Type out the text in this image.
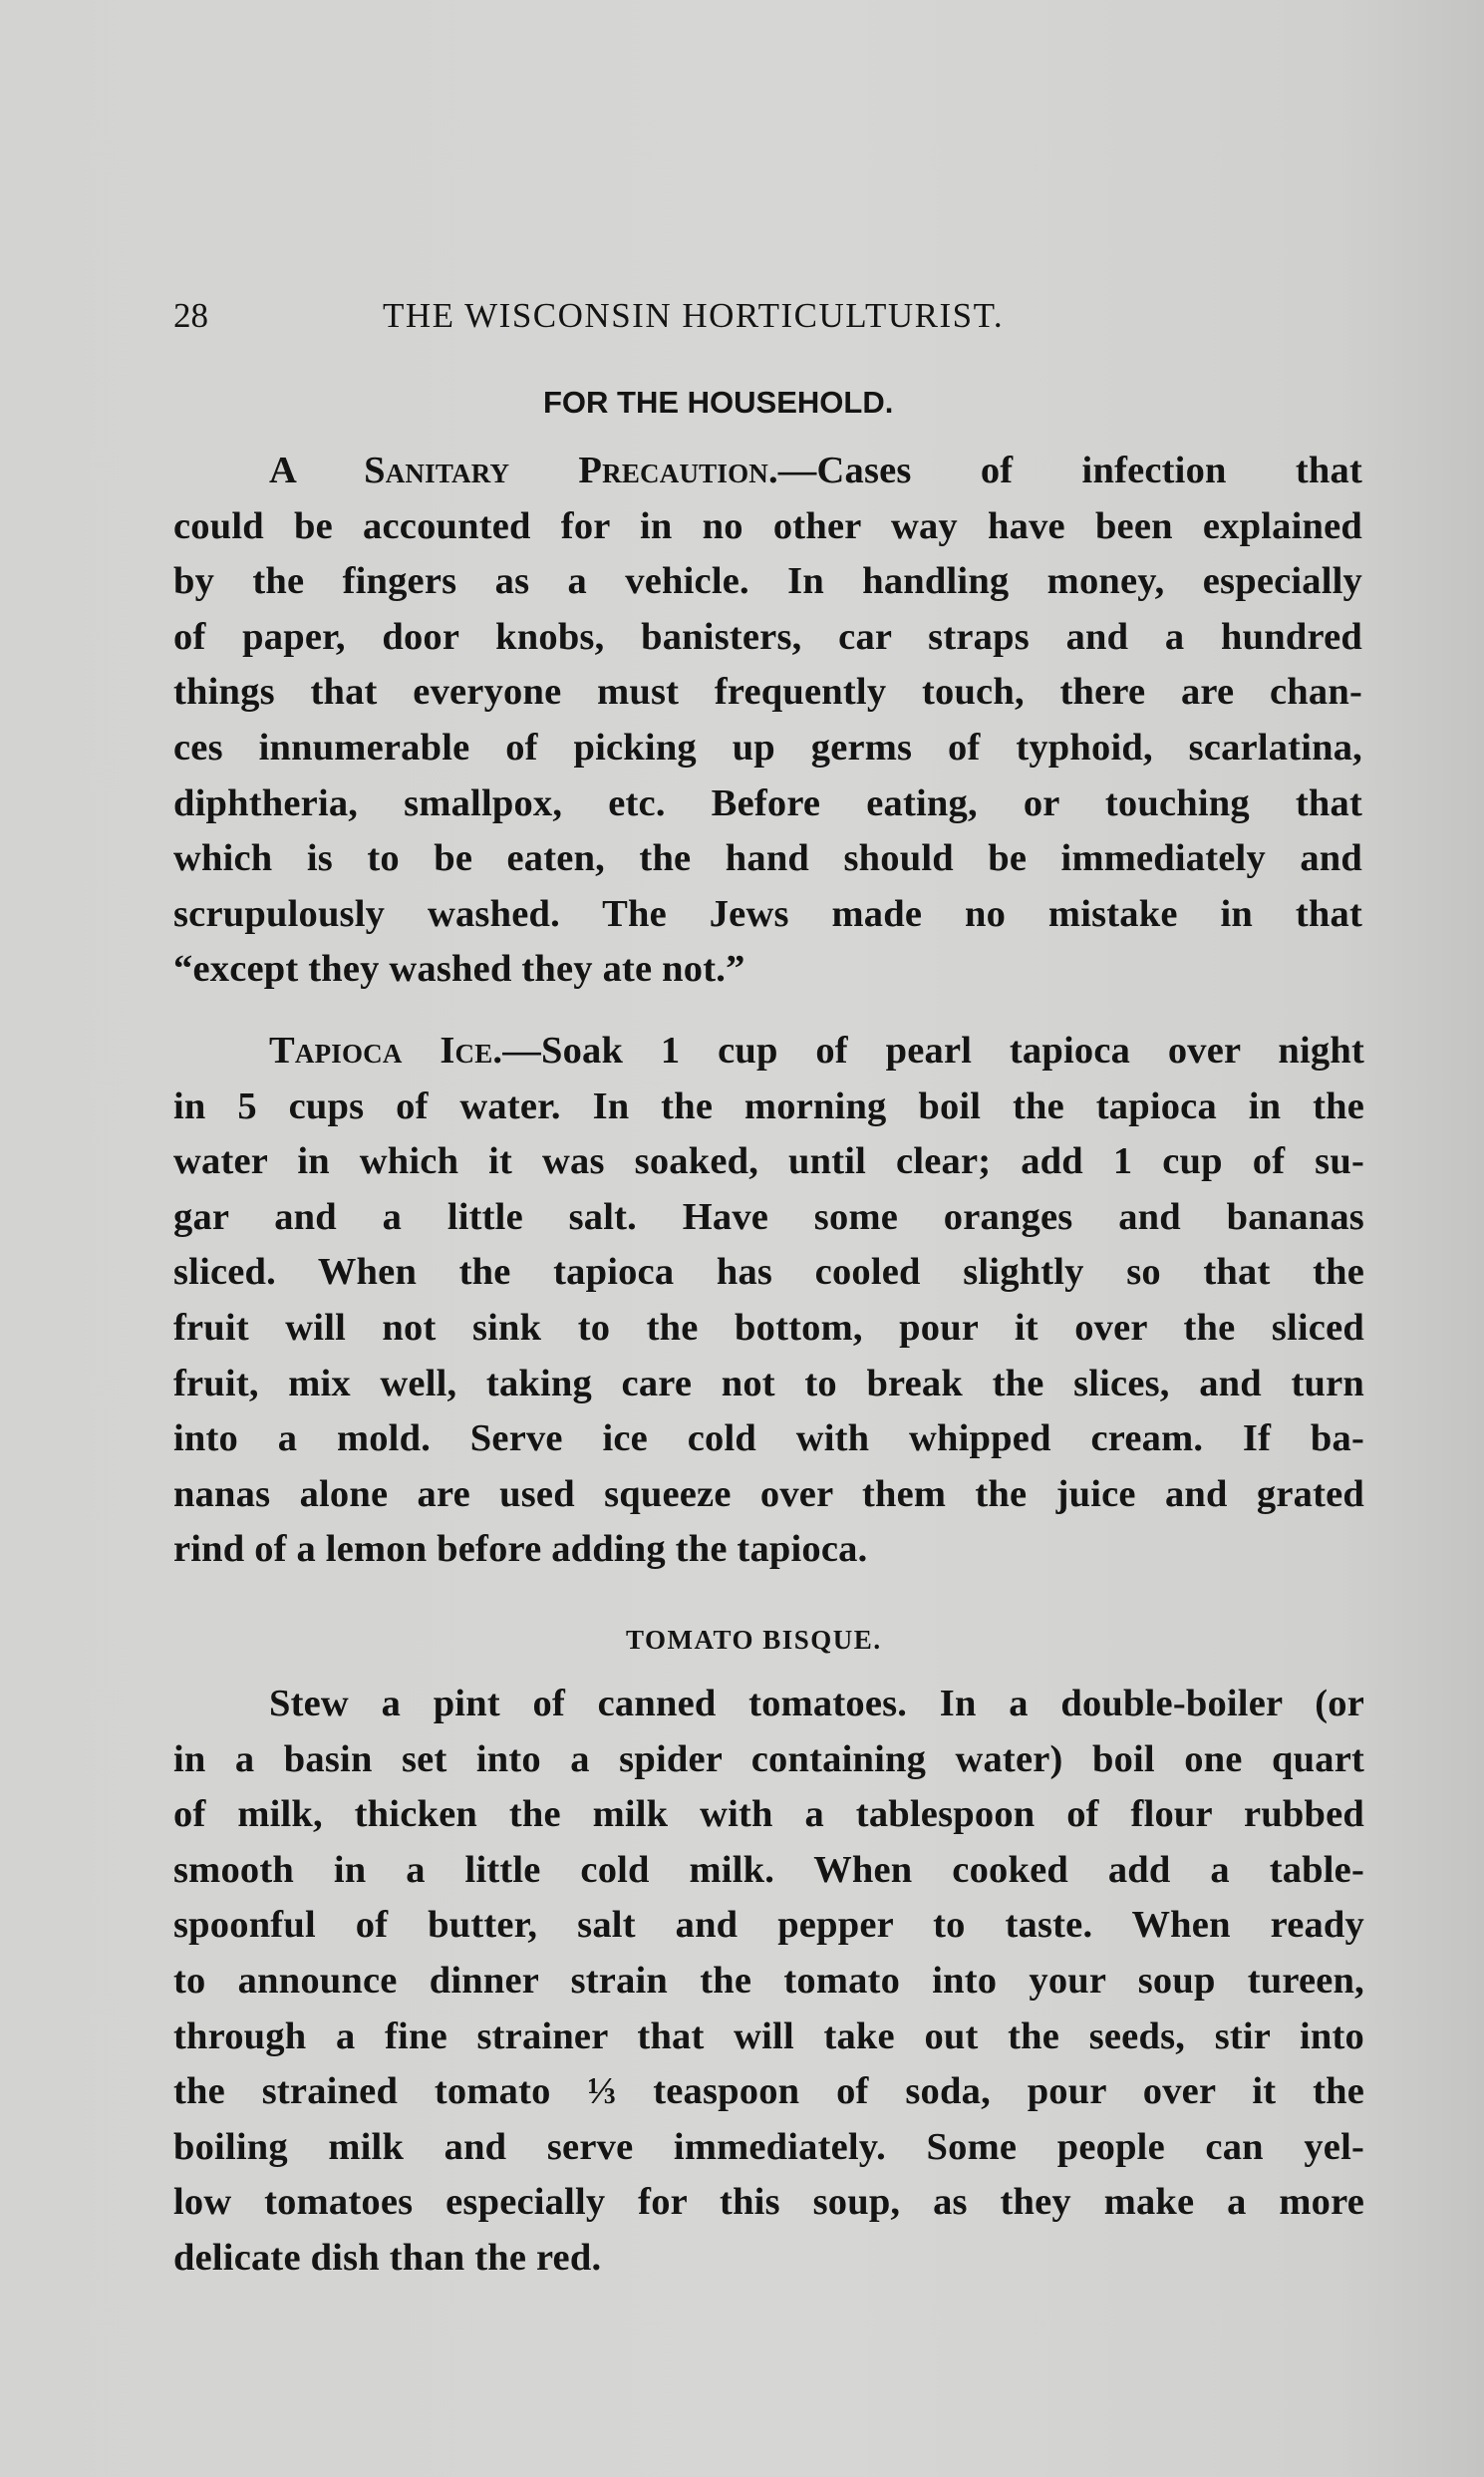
28	THE WISCONSIN HORTICULTURIST.
FOR THE HOUSEHOLD.
A Sanitary Precaution.—Cases of infection that
could be accounted for in no other way have been explained
by the fingers as a vehicle. In handling money, especially
of paper, door knobs, banisters, car straps and a hundred
things that everyone must frequently touch, there are chan-
ces innumerable of picking up germs of typhoid, scarlatina,
diphtheria, smallpox, etc. Before eating, or touching that
which is to be eaten, the hand should be immediately and
scrupulously washed. The Jews made no mistake in that
“except they washed they ate not.”
Tapioca Ice.—Soak 1 cup of pearl tapioca over night
in 5 cups of water. In the morning boil the tapioca in the
water in which it was soaked, until clear; add 1 cup of su-
gar and a little salt. Have some oranges and bananas
sliced. When the tapioca has cooled slightly so that the
fruit will not sink to the bottom, pour it over the sliced
fruit, mix well, taking care not to break the slices, and turn
into a mold. Serve ice cold with whipped cream. If ba-
nanas alone are used squeeze over them the juice and grated
rind of a lemon before adding the tapioca.
TOMATO BISQUE.
Stew a pint of canned tomatoes. In a double-boiler (or
in a basin set into a spider containing water) boil one quart
of milk, thicken the milk with a tablespoon of flour rubbed
smooth in a little cold milk. When cooked add a table-
spoonful of butter, salt and pepper to taste. When ready
to announce dinner strain the tomato into your soup tureen,
through a fine strainer that will take out the seeds, stir into
the strained tomato ⅓ teaspoon of soda, pour over it the
boiling milk and serve immediately. Some people can yel-
low tomatoes especially for this soup, as they make a more
delicate dish than the red.
